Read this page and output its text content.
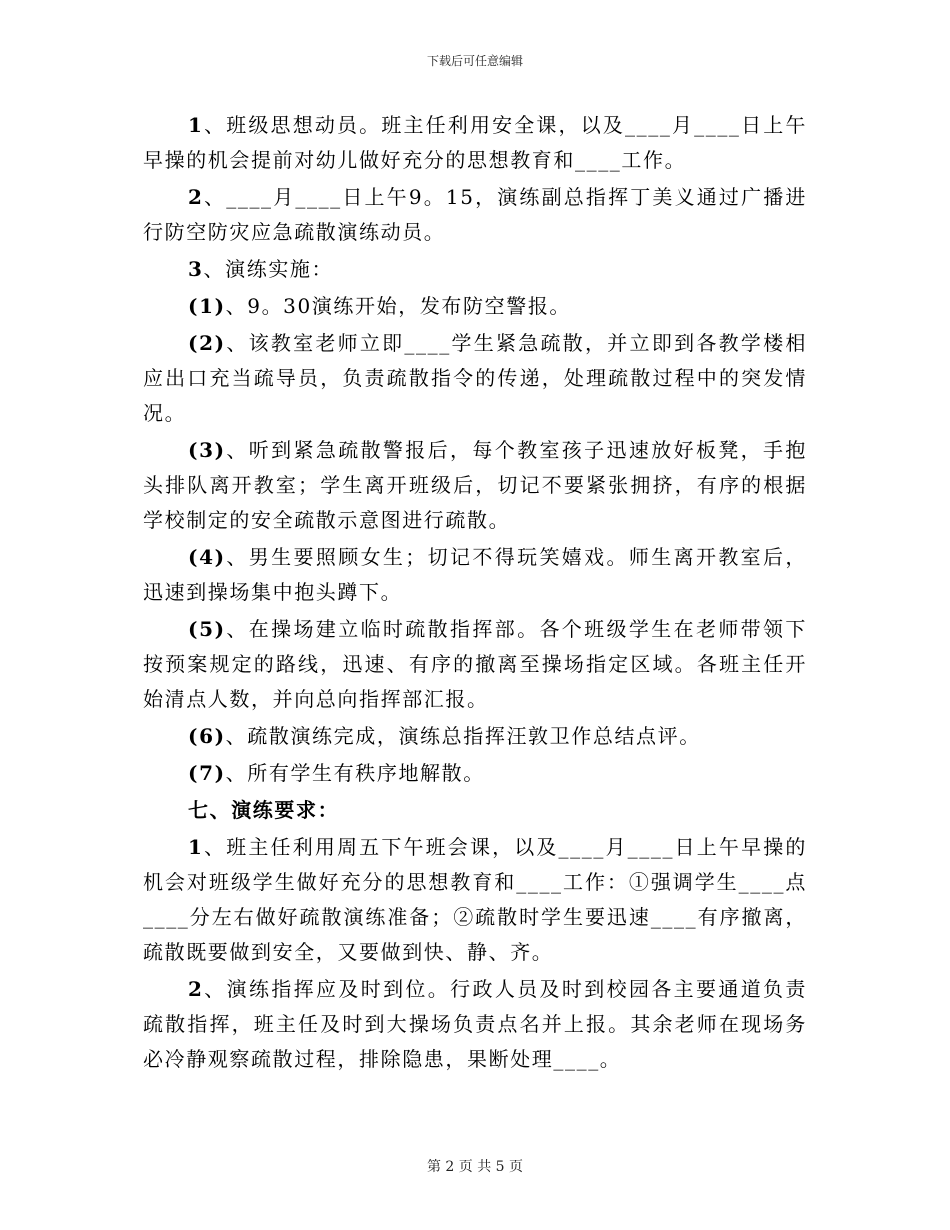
下载后可任意编辑

1、班级思想动员。班主任利用安全课，以及____月____日上午早操的机会提前对幼儿做好充分的思想教育和____工作。

2、____月____日上午9。15，演练副总指挥丁美义通过广播进行防空防灾应急疏散演练动员。

3、演练实施：

(1)、9。30演练开始，发布防空警报。

(2)、该教室老师立即____学生紧急疏散，并立即到各教学楼相应出口充当疏导员，负责疏散指令的传递，处理疏散过程中的突发情况。

(3)、听到紧急疏散警报后，每个教室孩子迅速放好板凳，手抱头排队离开教室；学生离开班级后，切记不要紧张拥挤，有序的根据学校制定的安全疏散示意图进行疏散。

(4)、男生要照顾女生；切记不得玩笑嬉戏。师生离开教室后，迅速到操场集中抱头蹲下。

(5)、在操场建立临时疏散指挥部。各个班级学生在老师带领下按预案规定的路线，迅速、有序的撤离至操场指定区域。各班主任开始清点人数，并向总向指挥部汇报。

(6)、疏散演练完成，演练总指挥汪敦卫作总结点评。

(7)、所有学生有秩序地解散。

七、演练要求：

1、班主任利用周五下午班会课，以及____月____日上午早操的机会对班级学生做好充分的思想教育和____工作：①强调学生____点____分左右做好疏散演练准备；②疏散时学生要迅速____有序撤离，疏散既要做到安全，又要做到快、静、齐。

2、演练指挥应及时到位。行政人员及时到校园各主要通道负责疏散指挥，班主任及时到大操场负责点名并上报。其余老师在现场务必冷静观察疏散过程，排除隐患，果断处理____。

第 2 页 共 5 页
